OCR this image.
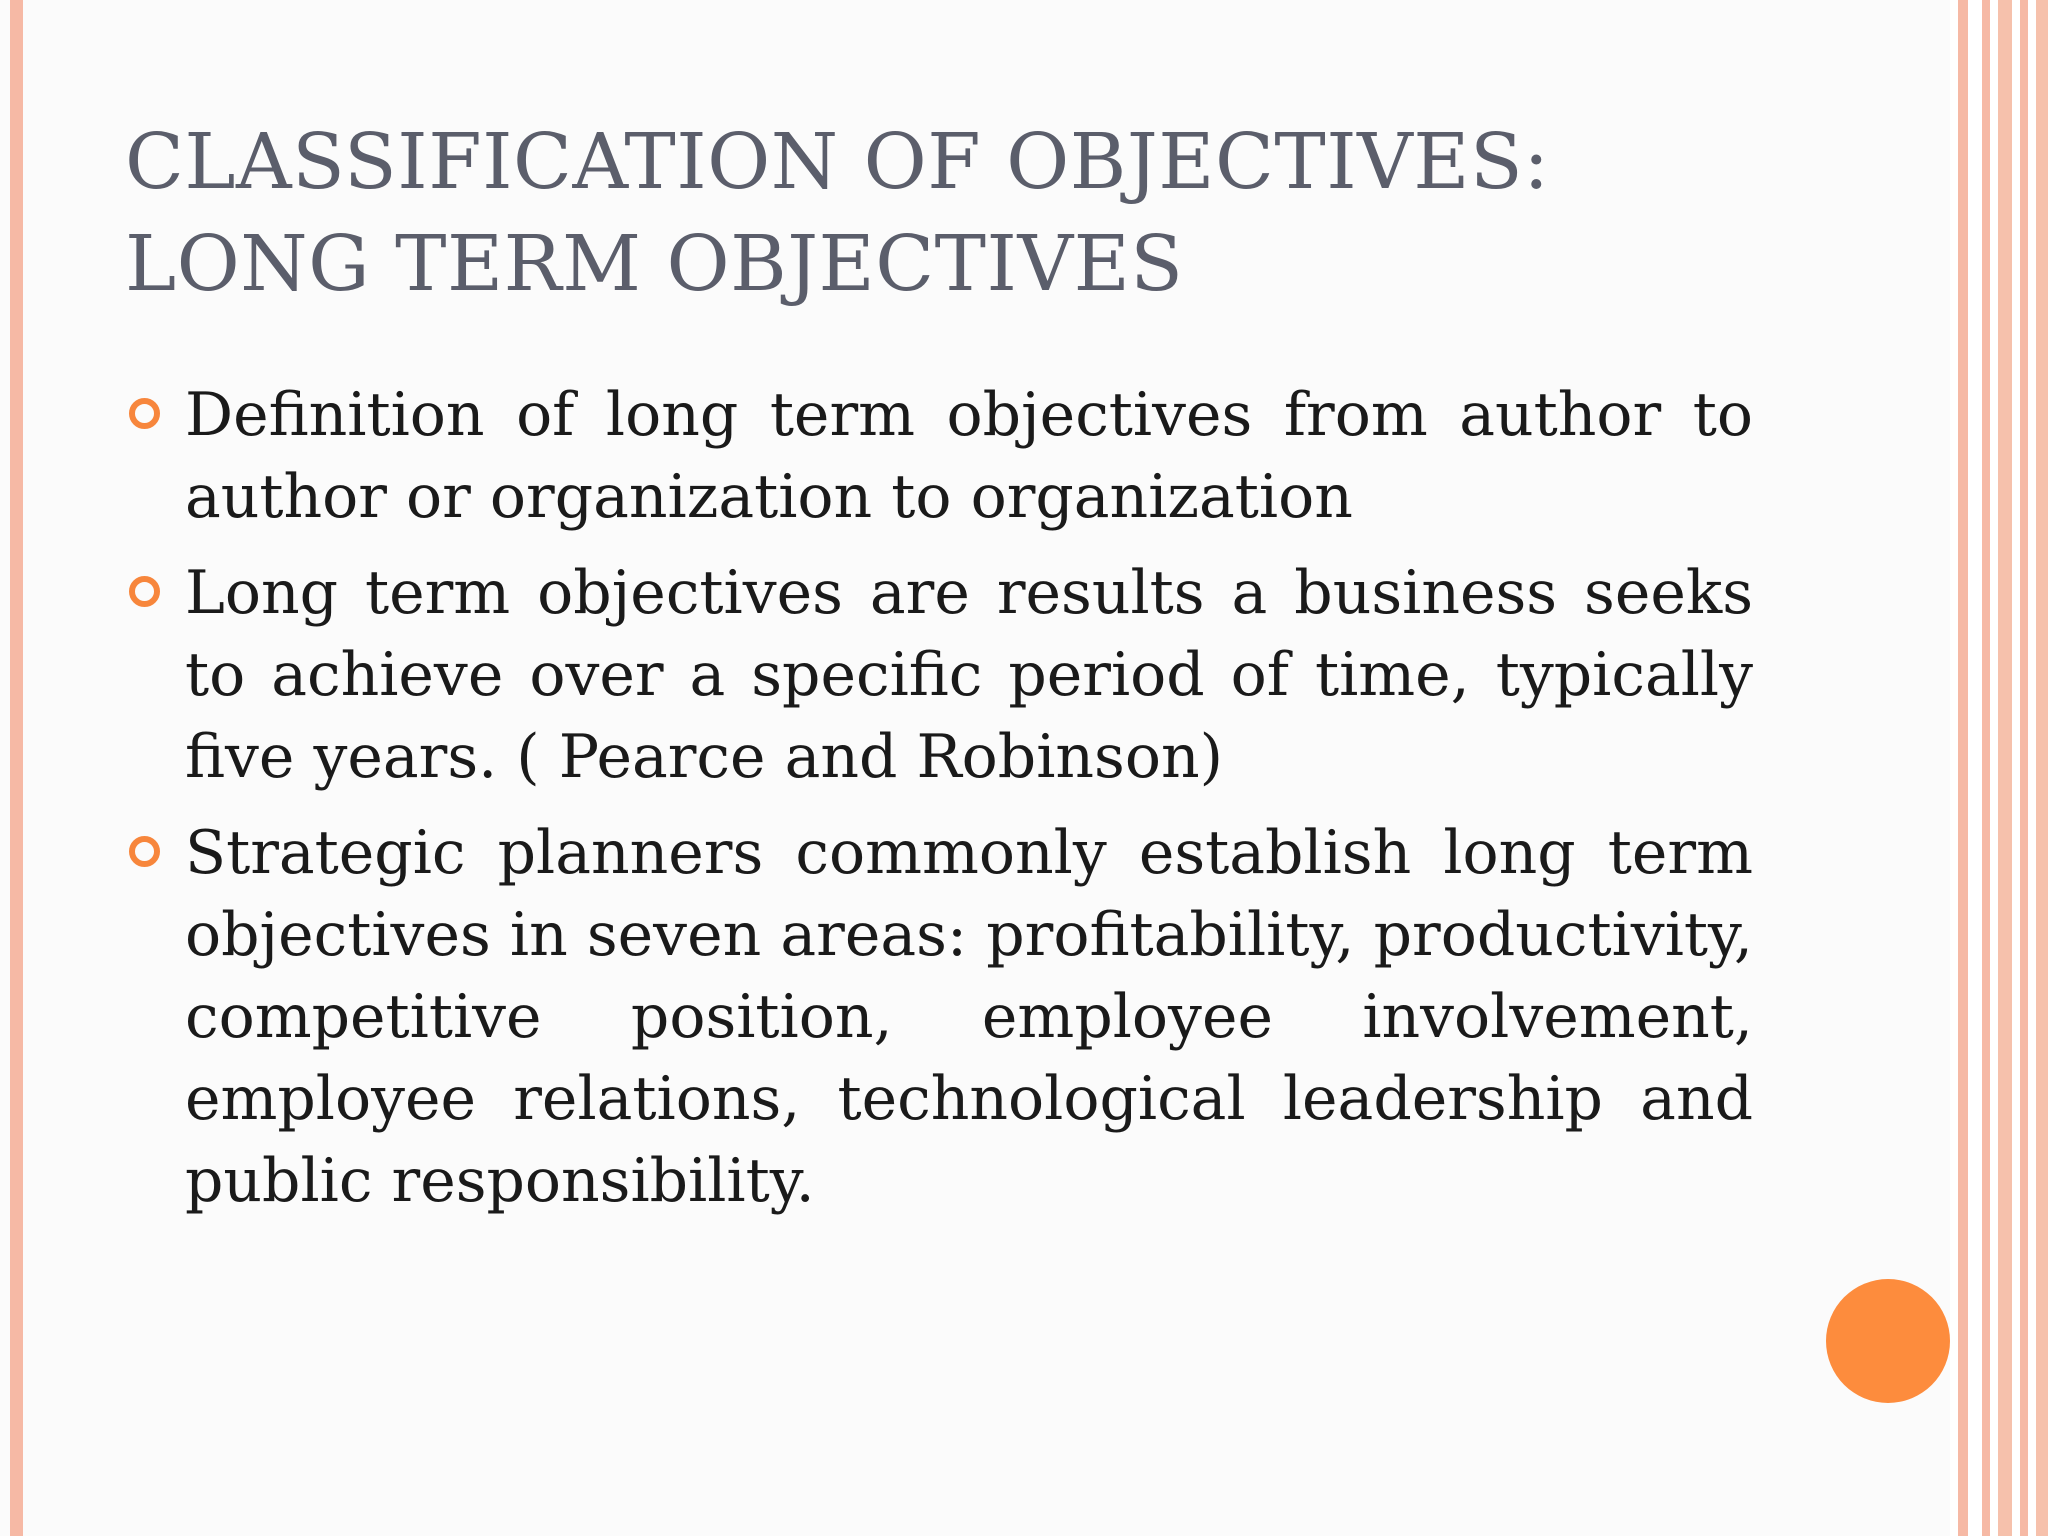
CLASSIFICATION OF OBJECTIVES:
LONG TERM OBJECTIVES
Definition of long term objectives from author to author or organization to organization
Long term objectives are results a business seeks to achieve over a specific period of time, typically five years. ( Pearce and Robinson)
Strategic planners commonly establish long term objectives in seven areas: profitability, productivity, competitive position, employee involvement, employee relations, technological leadership and public responsibility.
